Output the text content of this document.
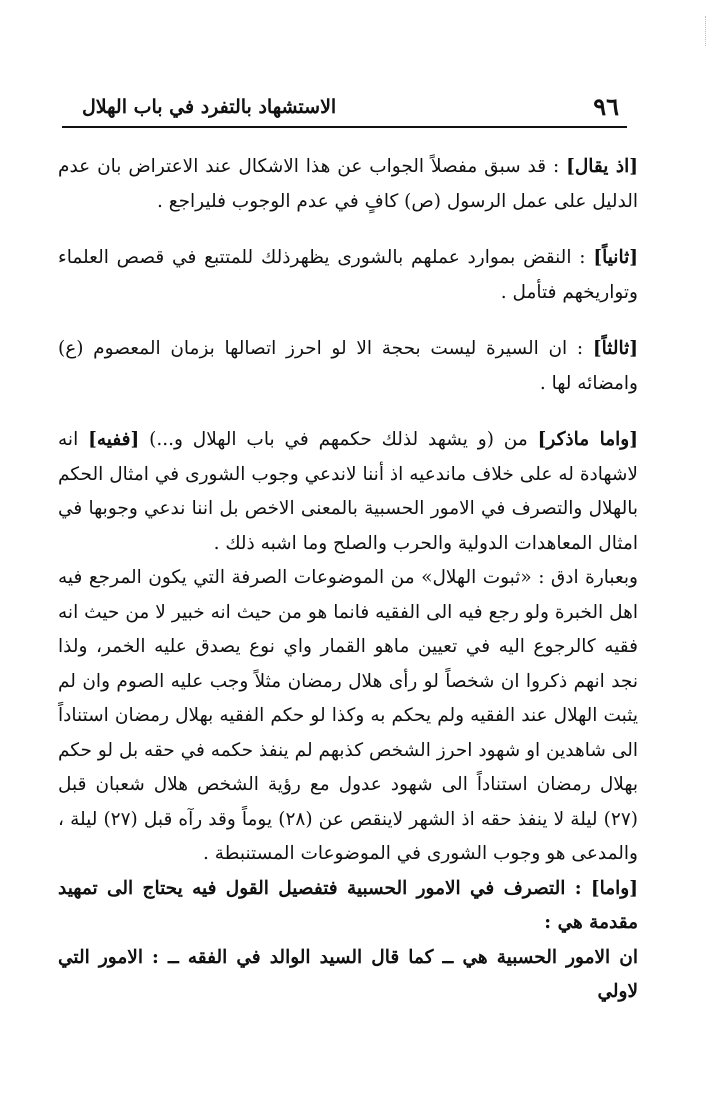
٩٦
الاستشهاد بالتفرد في باب الهلال

[اذ يقال] : قد سبق مفصلاً الجواب عن هذا الاشكال عند الاعتراض بان عدم الدليل على عمل الرسول (ص) كافٍ في عدم الوجوب فليراجع .

[ثانياً] : النقض بموارد عملهم بالشورى يظهرذلك للمتتبع في قصص العلماء وتواريخهم فتأمل .

[ثالثاً] : ان السيرة ليست بحجة الا لو احرز اتصالها بزمان المعصوم (ع) وامضائه لها .

[واما ماذكر] من (و يشهد لذلك حكمهم في باب الهلال و...) [ففيه] انه لاشهادة له على خلاف ماندعيه اذ أننا لاندعي وجوب الشورى في امثال الحكم بالهلال والتصرف في الامور الحسبية بالمعنى الاخص بل اننا ندعي وجوبها في امثال المعاهدات الدولية والحرب والصلح وما اشبه ذلك .

وبعبارة ادق : «ثبوت الهلال» من الموضوعات الصرفة التي يكون المرجع فيه اهل الخبرة ولو رجع فيه الى الفقيه فانما هو من حيث انه خبير لا من حيث انه فقيه كالرجوع اليه في تعيين ماهو القمار واي نوع يصدق عليه الخمر، ولذا نجد انهم ذكروا ان شخصاً لو رأى هلال رمضان مثلاً وجب عليه الصوم وان لم يثبت الهلال عند الفقيه ولم يحكم به وكذا لو حكم الفقيه بهلال رمضان استناداً الى شاهدين او شهود احرز الشخص كذبهم لم ينفذ حكمه في حقه بل لو حكم بهلال رمضان استناداً الى شهود عدول مع رؤية الشخص هلال شعبان قبل (٢٧) ليلة لا ينفذ حقه اذ الشهر لاينقص عن (٢٨) يوماً وقد رآه قبل (٢٧) ليلة ، والمدعى هو وجوب الشورى في الموضوعات المستنبطة .

[واما] : التصرف في الامور الحسبية فتفصيل القول فيه يحتاج الى تمهيد مقدمة هي :

ان الامور الحسبية هي ــ كما قال السيد الوالد في الفقه ــ : الامور التي لاولي
